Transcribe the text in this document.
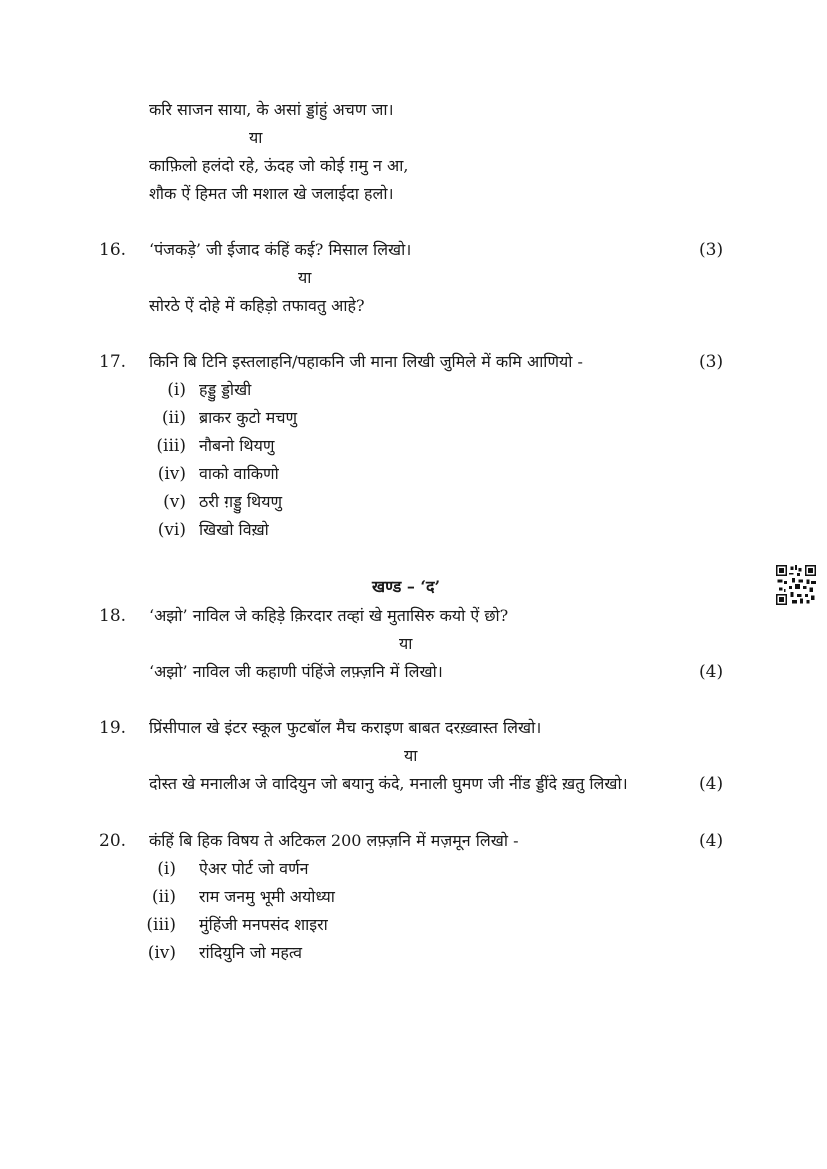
करि साजन साया, के असां ड्डांहुं अचण जा।
या
काफ़िलो हलंदो रहे, ऊंदह जो कोई ग़मु न आ,
शौक ऐं हिमत जी मशाल खे जलाईदा हलो।
16. ‘पंजकड़े’ जी ईजाद कंहिं कई? मिसाल लिखो।	(3)
या
सोरठे ऐं दोहे में कहिड़ो तफावतु आहे?
17. किनि बि टिनि इस्तलाहनि/पहाकनि जी माना लिखी जुमिले में कमि आणियो -	(3)
(i) हड्डु ड्डोखी
(ii) ब्राकर कुटो मचणु
(iii) नौबनो थियणु
(iv) वाको वाकिणो
(v) ठरी ग़ड्डु थियणु
(vi) खिखो विख़ो
खण्ड – ‘द’
18. ‘अझो’ नाविल जे कहिड़े क़िरदार तव्हां खे मुतासिरु कयो ऐं छो?
या
‘अझो’ नाविल जी कहाणी पंहिंजे लफ़्ज़नि में लिखो।	(4)
19. प्रिंसीपाल खे इंटर स्कूल फुटबॉल मैच कराइण बाबत दरख़्वास्त लिखो।
या
दोस्त खे मनालीअ जे वादियुन जो बयानु कंदे, मनाली घुमण जी नींड ड्डींदे ख़तु लिखो।	(4)
20. कंहिं बि हिक विषय ते अटिकल 200 लफ़्ज़नि में मज़मून लिखो -	(4)
(i) ऐअर पोर्ट जो वर्णन
(ii) राम जनमु भूमी अयोध्या
(iii) मुंहिंजी मनपसंद शाइरा
(iv) रांदियुनि जो महत्व
